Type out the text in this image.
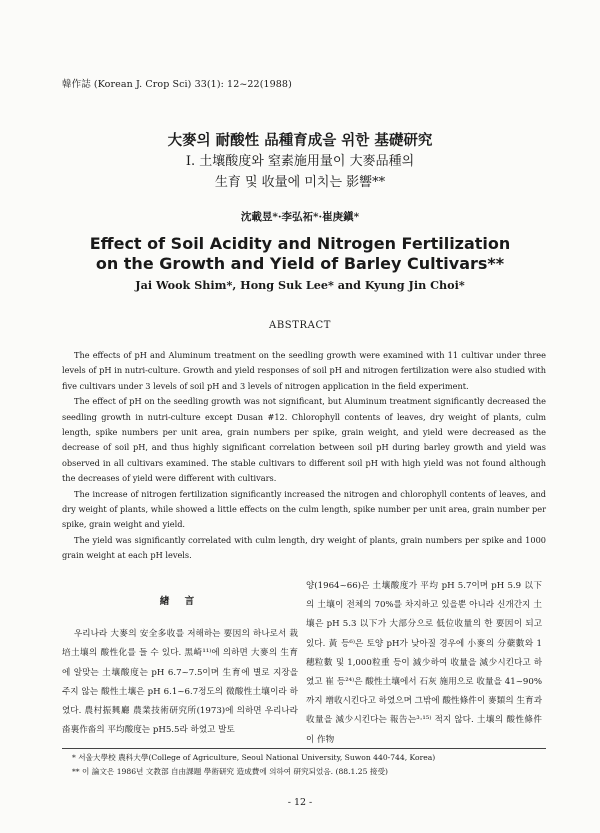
韓作誌 (Korean J. Crop Sci) 33(1): 12~22(1988)
大麥의 耐酸性 品種育成을 위한 基礎研究
Ⅰ. 土壤酸度와 窒素施用量이 大麥品種의
生育 및 收量에 미치는 影響**
沈載昱*·李弘祏*·崔庚鎭*
Effect of Soil Acidity and Nitrogen Fertilization
on the Growth and Yield of Barley Cultivars**
Jai Wook Shim*, Hong Suk Lee* and Kyung Jin Choi*
ABSTRACT

The effects of pH and Aluminum treatment on the seedling growth were examined with 11 cultivar under three levels of pH in nutri-culture. Growth and yield responses of soil pH and nitrogen fertilization were also studied with five cultivars under 3 levels of soil pH and 3 levels of nitrogen application in the field experiment.

The effect of pH on the seedling growth was not significant, but Aluminum treatment significantly decreased the seedling growth in nutri-culture except Dusan #12. Chlorophyll contents of leaves, dry weight of plants, culm length, spike numbers per unit area, grain numbers per spike, grain weight, and yield were decreased as the decrease of soil pH, and thus highly significant correlation between soil pH during barley growth and yield was observed in all cultivars examined. The stable cultivars to different soil pH with high yield was not found although the decreases of yield were different with cultivars.

The increase of nitrogen fertilization significantly increased the nitrogen and chlorophyll contents of leaves, and dry weight of plants, while showed a little effects on the culm length, spike number per unit area, grain number per spike, grain weight and yield.

The yield was significantly correlated with culm length, dry weight of plants, grain numbers per spike and 1000 grain weight at each pH levels.

緖 言

우리나라 大麥의 安全多收를 저해하는 要因의 하나로서 栽培土壤의 酸性化를 들 수 있다. 黑崎¹¹⁾에 의하면 大麥의 生育에 알맞는 土壤酸度는 pH 6.7~7.5이며 生育에 별로 지장을 주지 않는 酸性土壤은 pH 6.1~6.7정도의 微酸性土壤이라 하였다. 農村振興廳 農業技術研究所(1973)에 의하면 우리나라 畓裏作畓의 平均酸度는 pH5.5라 하였고 발토

양(1964~66)은 土壤酸度가 平均 pH 5.7이며 pH 5.9 以下의 土壤이 전체의 70%를 차지하고 있을뿐 아니라 신개간지 土壤은 pH 5.3 以下가 大部分으로 低位收量의 한 要因이 되고 있다. 黃 등⁶⁾은 토양 pH가 낮아질 경우에 小麥의 分蘗數와 1穗粒數 및 1,000粒重 등이 減少하여 收量을 減少시킨다고 하였고 崔 등²⁴⁾은 酸性土壤에서 石灰 施用으로 收量을 41~90%까지 增收시킨다고 하였으며 그밖에 酸性條件이 麥類의 生育과 收量을 減少시킨다는 報告는³·¹⁵⁾ 적지 않다. 土壤의 酸性條件이 作物

* 서울大學校 農科大學(College of Agriculture, Seoul National University, Suwon 440-744, Korea)
** 이 論文은 1986년 文教部 自由課題 學術研究 造成費에 의하여 研究되었음. (88.1.25 接受)
- 12 -
